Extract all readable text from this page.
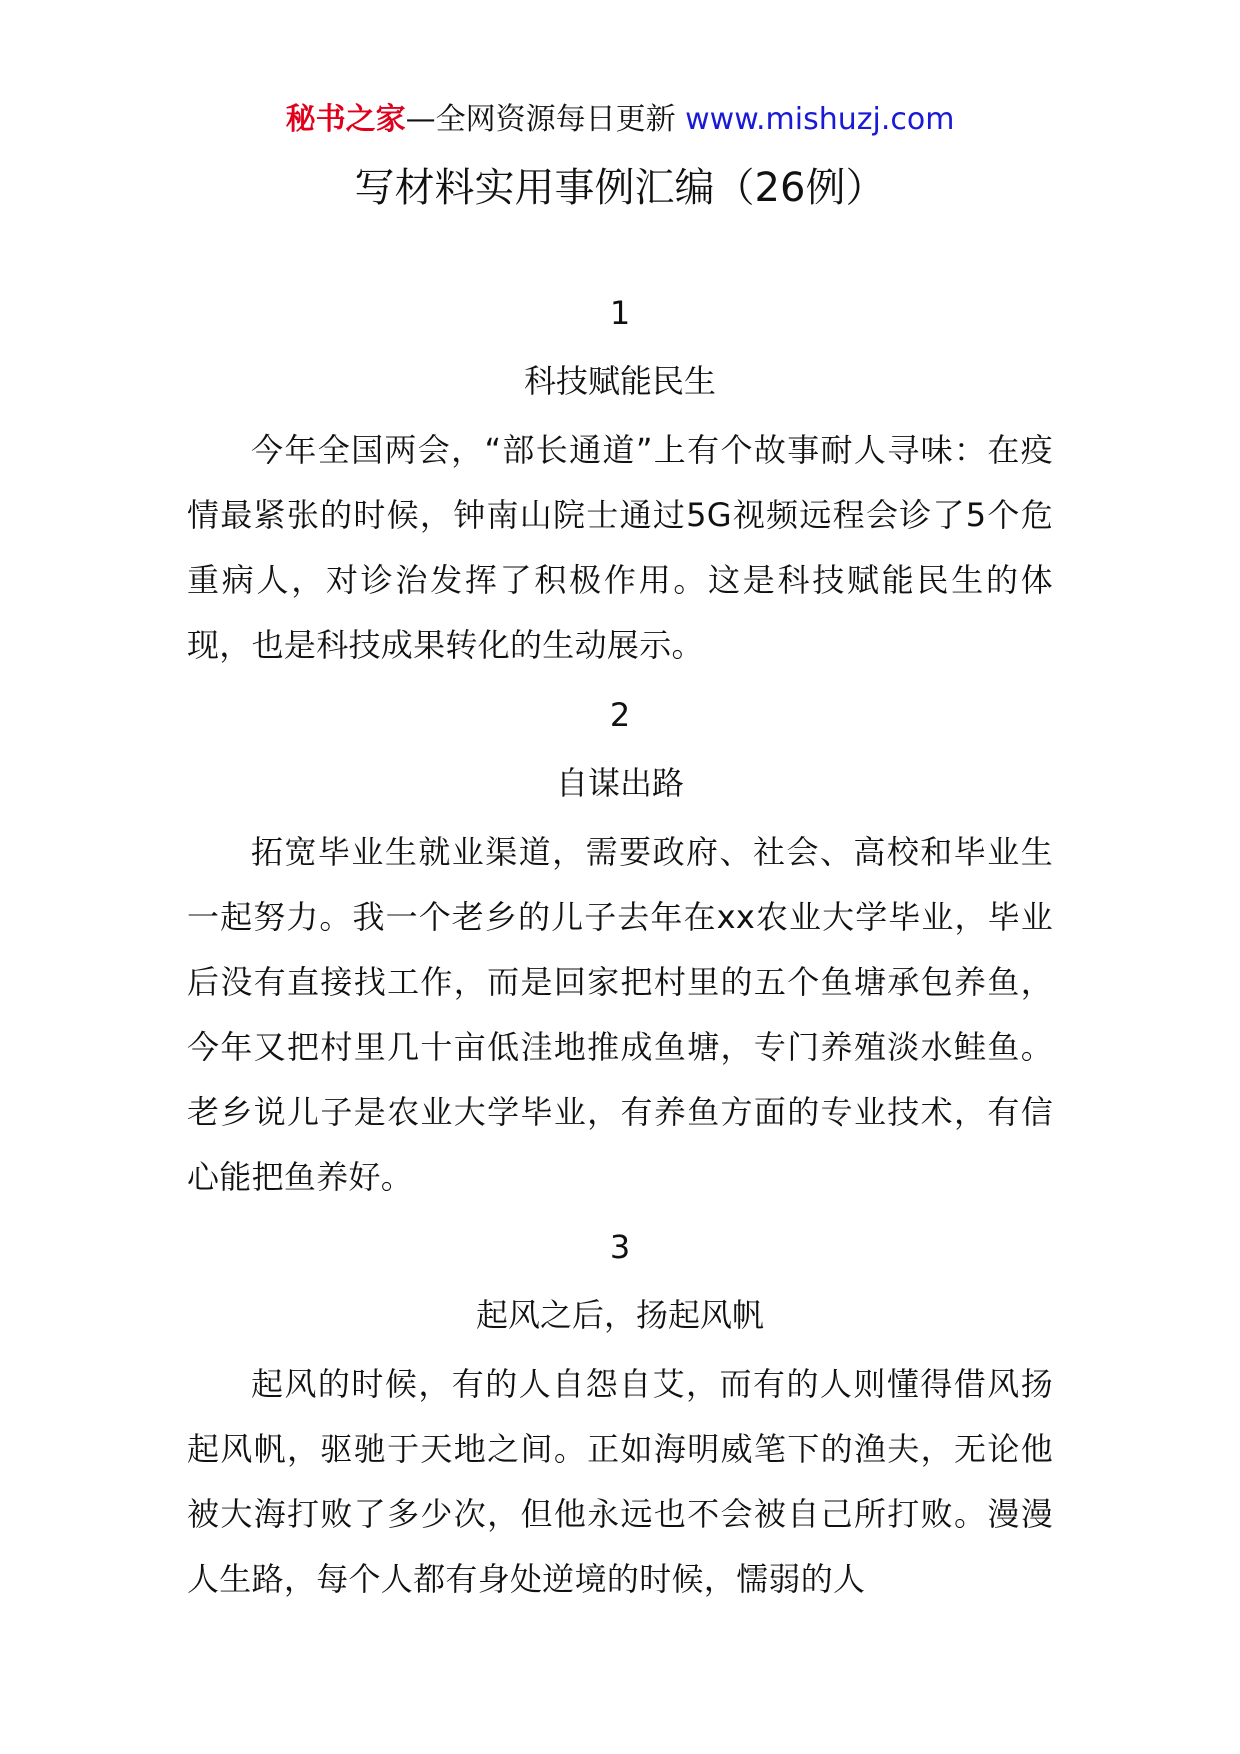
秘书之家—全网资源每日更新 www.mishuzj.com
写材料实用事例汇编（26例）
1
科技赋能民生

今年全国两会，“部长通道”上有个故事耐人寻味：在疫情最紧张的时候，钟南山院士通过5G视频远程会诊了5个危重病人，对诊治发挥了积极作用。这是科技赋能民生的体现，也是科技成果转化的生动展示。

2
自谋出路

拓宽毕业生就业渠道，需要政府、社会、高校和毕业生一起努力。我一个老乡的儿子去年在xx农业大学毕业，毕业后没有直接找工作，而是回家把村里的五个鱼塘承包养鱼，今年又把村里几十亩低洼地推成鱼塘，专门养殖淡水鲑鱼。老乡说儿子是农业大学毕业，有养鱼方面的专业技术，有信心能把鱼养好。

3
起风之后，扬起风帆

起风的时候，有的人自怨自艾，而有的人则懂得借风扬起风帆，驱驰于天地之间。正如海明威笔下的渔夫，无论他被大海打败了多少次，但他永远也不会被自己所打败。漫漫人生路，每个人都有身处逆境的时候，懦弱的人
